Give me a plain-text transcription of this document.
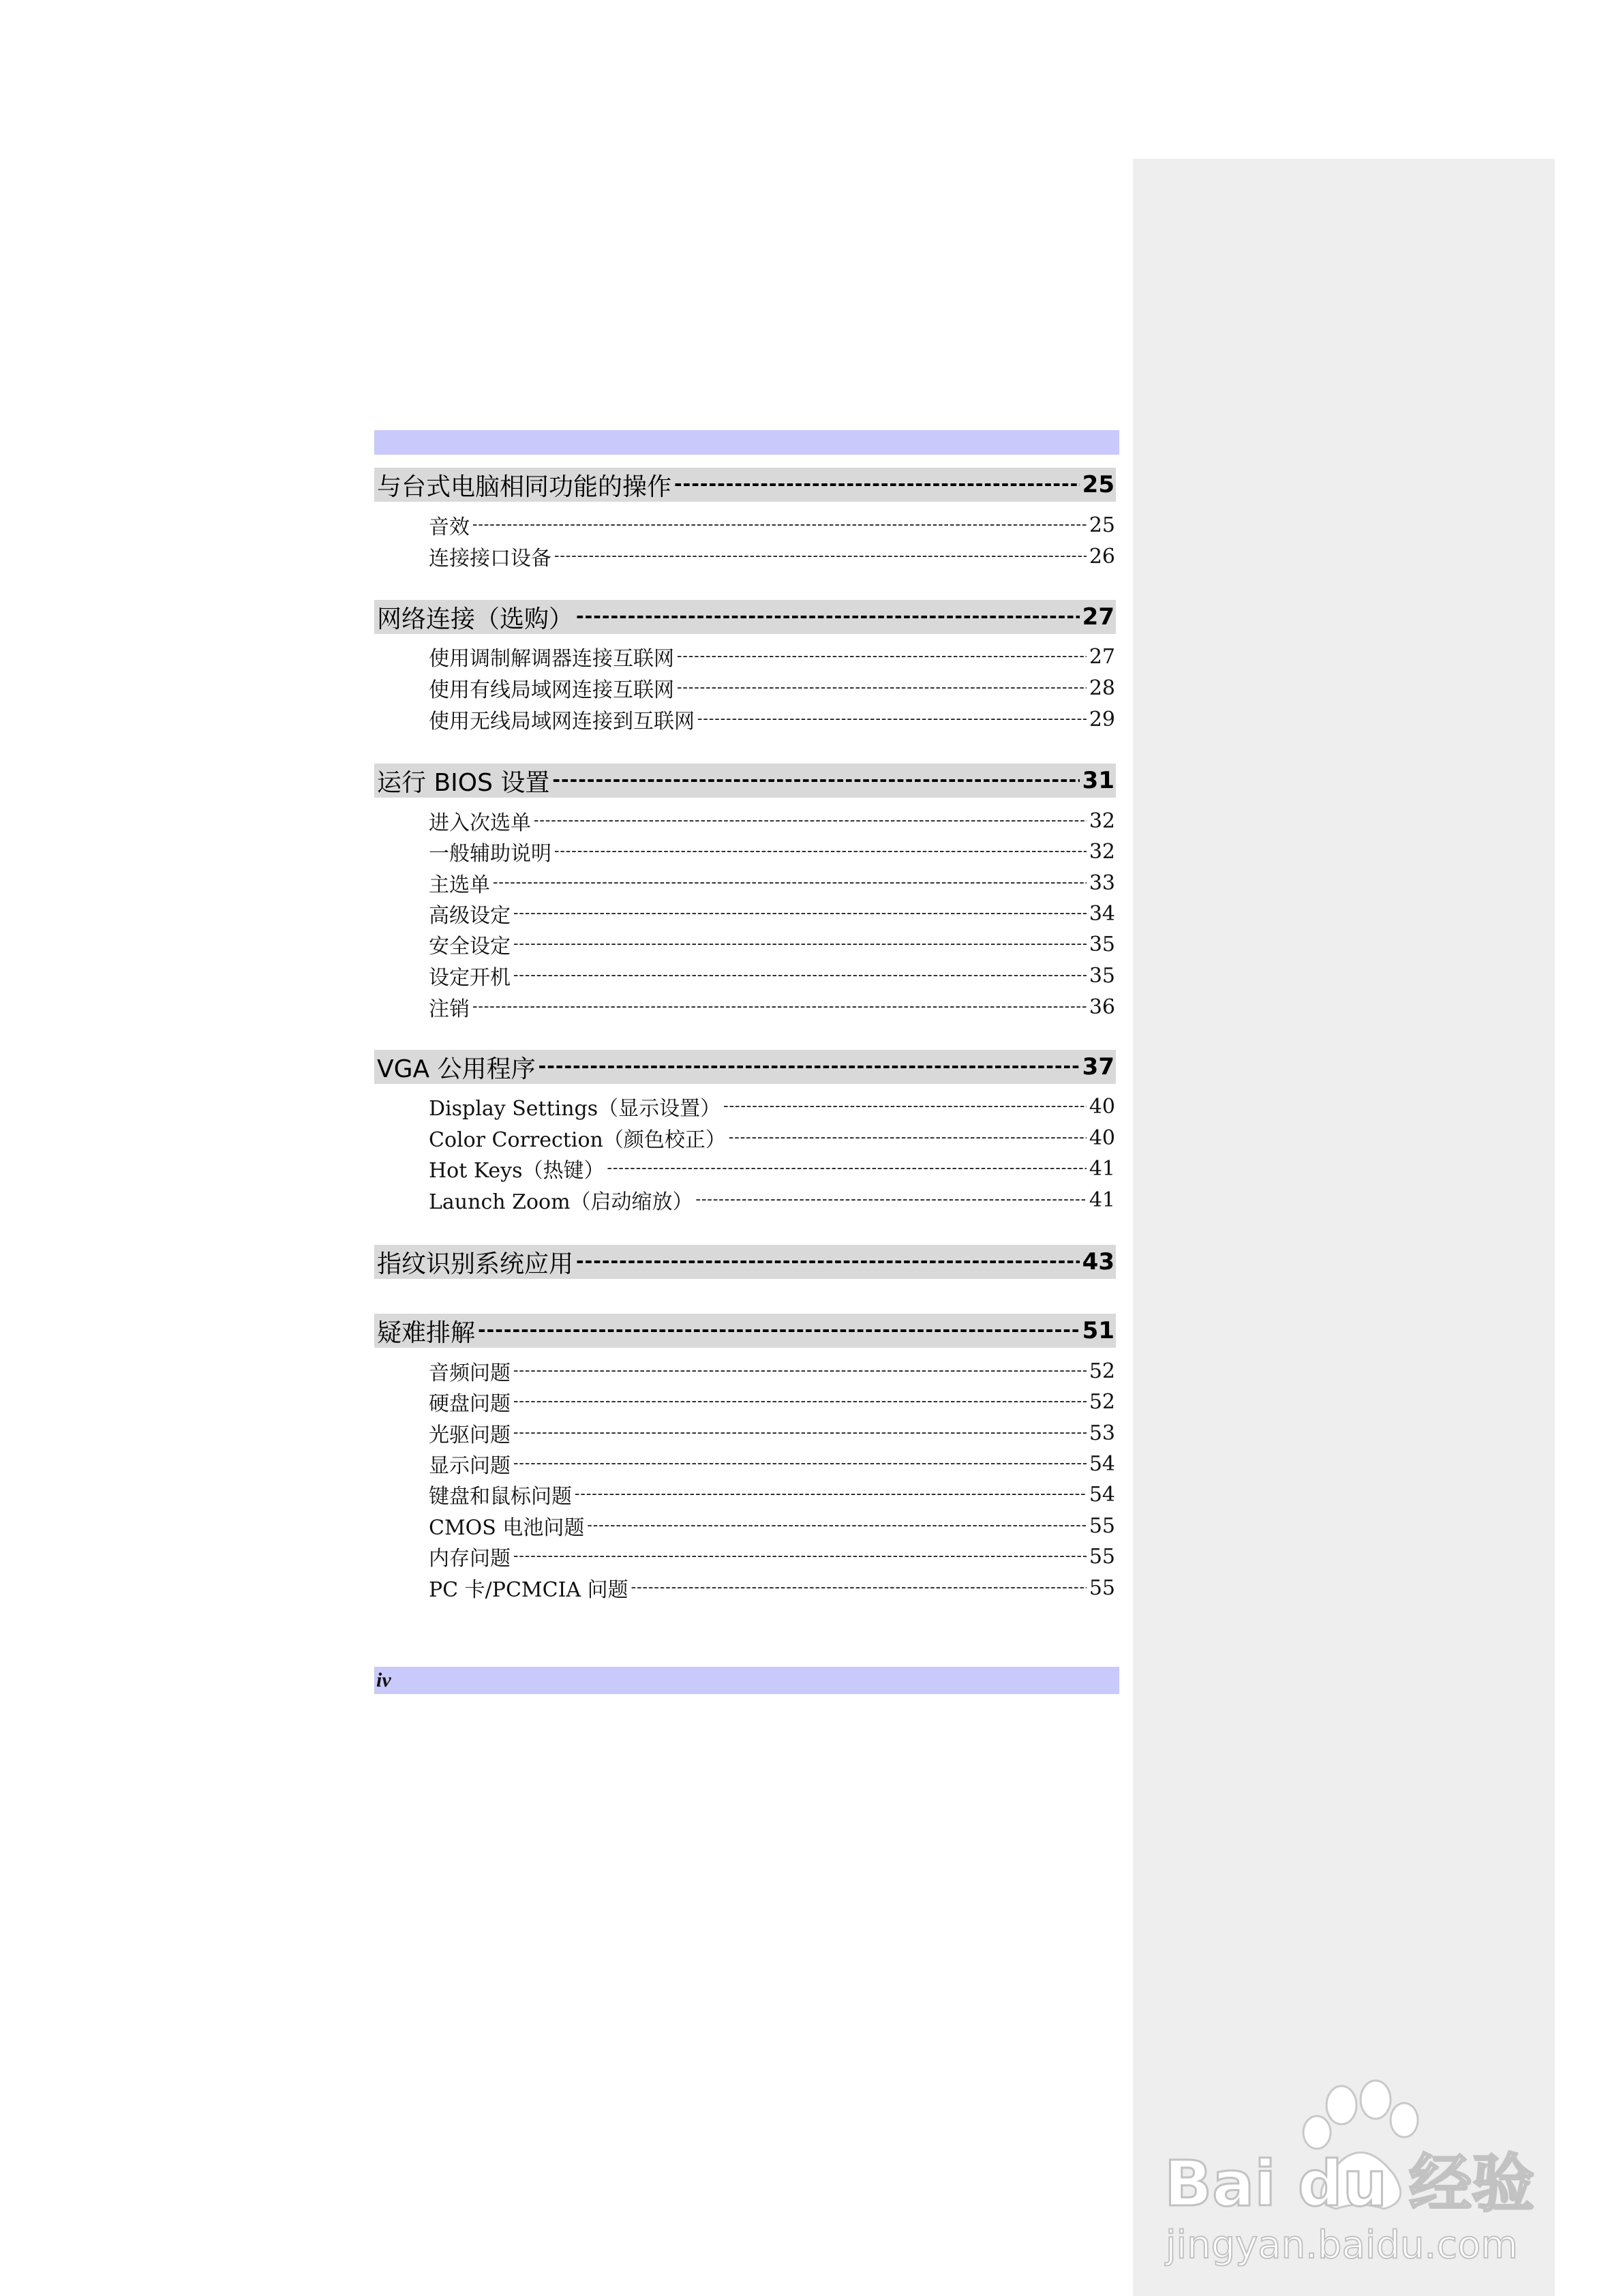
与台式电脑相同功能的操作 -----	25
音效 -----	25
连接接口设备 -----	26
网络连接（选购） -----	27
使用调制解调器连接互联网 -----	27
使用有线局域网连接互联网 -----	28
使用无线局域网连接到互联网 -----	29
运行 BIOS 设置 -----	31
进入次选单 -----	32
一般辅助说明 -----	32
主选单 -----	33
高级设定 -----	34
安全设定 -----	35
设定开机 -----	35
注销 -----	36
VGA 公用程序 -----	37
Display Settings（显示设置） -----	40
Color Correction（颜色校正） -----	40
Hot Keys（热键） -----	41
Launch Zoom（启动缩放） -----	41
指纹识别系统应用 -----	43
疑难排解 -----	51
音频问题 -----	52
硬盘问题 -----	52
光驱问题 -----	53
显示问题 -----	54
键盘和鼠标问题 -----	54
CMOS 电池问题 -----	55
内存问题 -----	55
PC 卡/PCMCIA 问题 -----	55
iv
Bai du 经验
jingyan.baidu.com
